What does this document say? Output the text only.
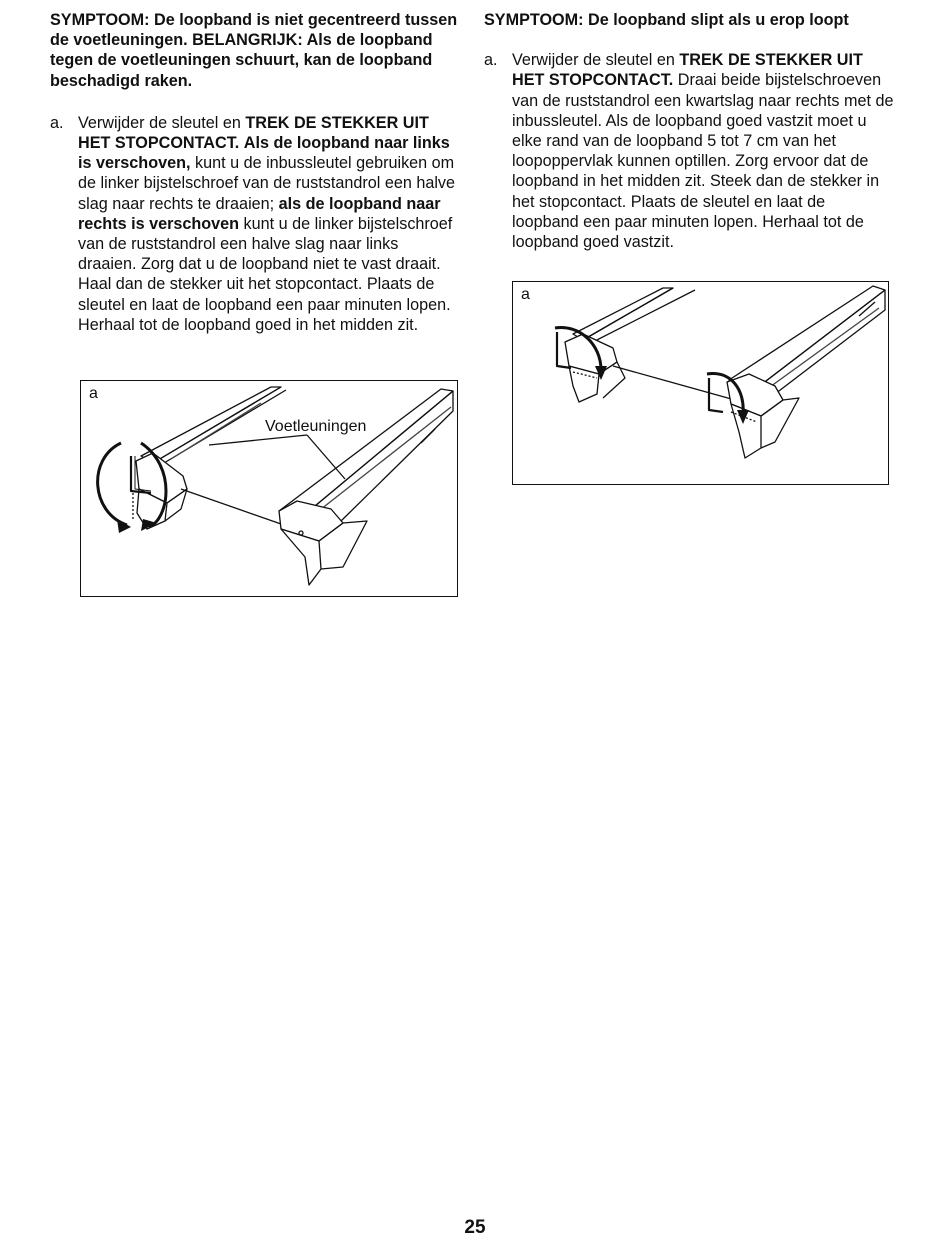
SYMPTOOM: De loopband is niet gecentreerd tussen de voetleuningen. BELANGRIJK: Als de loopband tegen de voetleuningen schuurt, kan de loopband beschadigd raken.

a. Verwijder de sleutel en TREK DE STEKKER UIT HET STOPCONTACT. Als de loopband naar links is verschoven, kunt u de inbussleutel gebruiken om de linker bijstelschroef van de ruststandrol een halve slag naar rechts te draaien; als de loopband naar rechts is verschoven kunt u de linker bijstelschroef van de ruststandrol een halve slag naar links draaien. Zorg dat u de loopband niet te vast draait. Haal dan de stekker uit het stopcontact. Plaats de sleutel en laat de loopband een paar minuten lopen. Herhaal tot de loopband goed in het midden zit.

SYMPTOOM: De loopband slipt als u erop loopt

a. Verwijder de sleutel en TREK DE STEKKER UIT HET STOPCONTACT. Draai beide bijstelschroeven van de ruststandrol een kwartslag naar rechts met de inbussleutel. Als de loopband goed vastzit moet u elke rand van de loopband 5 tot 7 cm van het loopoppervlak kunnen optillen. Zorg ervoor dat de loopband in het midden zit. Steek dan de stekker in het stopcontact. Plaats de sleutel en laat de loopband een paar minuten lopen. Herhaal tot de loopband goed vastzit.

a
Voetleuningen
a
25
